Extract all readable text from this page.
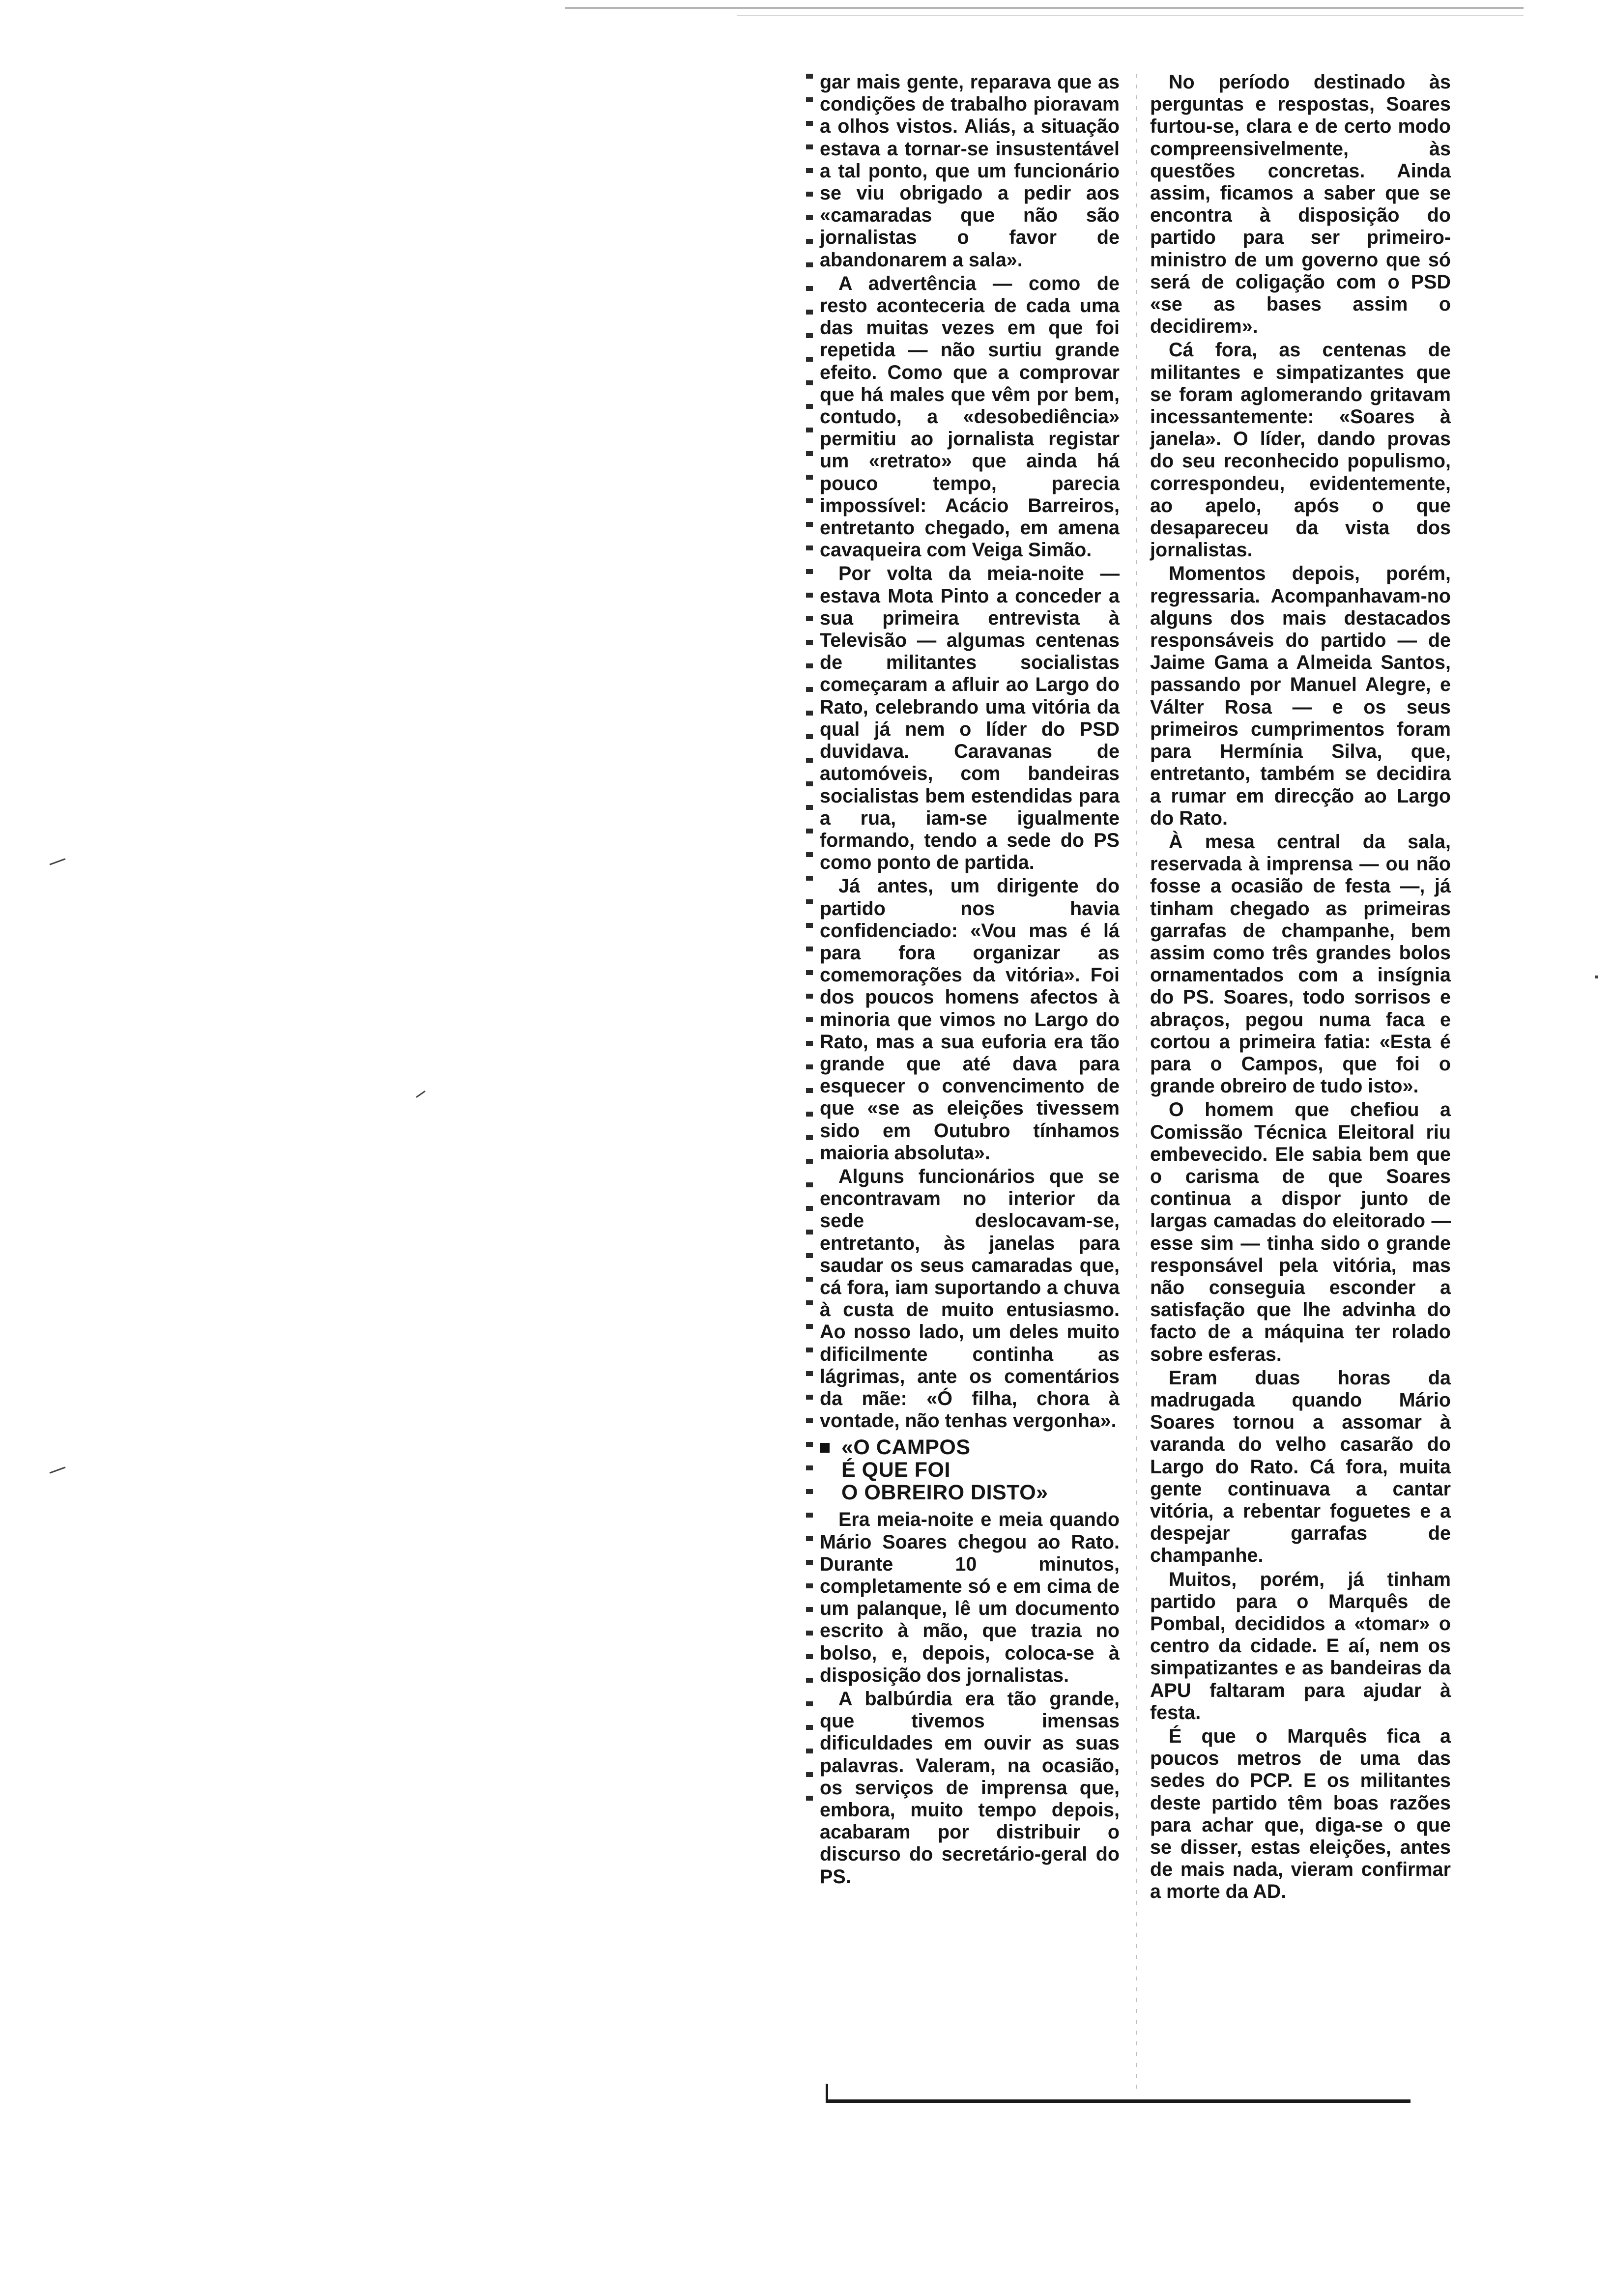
gar mais gente, reparava que as condições de trabalho pioravam a olhos vistos. Aliás, a situação estava a tornar-se insustentável a tal ponto, que um funcionário se viu obrigado a pedir aos «camaradas que não são jornalistas o favor de abandonarem a sala».

A advertência — como de resto aconteceria de cada uma das muitas vezes em que foi repetida — não surtiu grande efeito. Como que a comprovar que há males que vêm por bem, contudo, a «desobediência» permitiu ao jornalista registar um «retrato» que ainda há pouco tempo, parecia impossível: Acácio Barreiros, entretanto chegado, em amena cavaqueira com Veiga Simão.

Por volta da meia-noite — estava Mota Pinto a conceder a sua primeira entrevista à Televisão — algumas centenas de militantes socialistas começaram a afluir ao Largo do Rato, celebrando uma vitória da qual já nem o líder do PSD duvidava. Caravanas de automóveis, com bandeiras socialistas bem estendidas para a rua, iam-se igualmente formando, tendo a sede do PS como ponto de partida.

Já antes, um dirigente do partido nos havia confidenciado: «Vou mas é lá para fora organizar as comemorações da vitória». Foi dos poucos homens afectos à minoria que vimos no Largo do Rato, mas a sua euforia era tão grande que até dava para esquecer o convencimento de que «se as eleições tivessem sido em Outubro tínhamos maioria absoluta».

Alguns funcionários que se encontravam no interior da sede deslocavam-se, entretanto, às janelas para saudar os seus camaradas que, cá fora, iam suportando a chuva à custa de muito entusiasmo. Ao nosso lado, um deles muito dificilmente continha as lágrimas, ante os comentários da mãe: «Ó filha, chora à vontade, não tenhas vergonha».

«O CAMPOS
É QUE FOI
O OBREIRO DISTO»

Era meia-noite e meia quando Mário Soares chegou ao Rato. Durante 10 minutos, completamente só e em cima de um palanque, lê um documento escrito à mão, que trazia no bolso, e, depois, coloca-se à disposição dos jornalistas.

A balbúrdia era tão grande, que tivemos imensas dificuldades em ouvir as suas palavras. Valeram, na ocasião, os serviços de imprensa que, embora, muito tempo depois, acabaram por distribuir o discurso do secretário-geral do PS.

No período destinado às perguntas e respostas, Soares furtou-se, clara e de certo modo compreensivelmente, às questões concretas. Ainda assim, ficamos a saber que se encontra à disposição do partido para ser primeiro-ministro de um governo que só será de coligação com o PSD «se as bases assim o decidirem».

Cá fora, as centenas de militantes e simpatizantes que se foram aglomerando gritavam incessantemente: «Soares à janela». O líder, dando provas do seu reconhecido populismo, correspondeu, evidentemente, ao apelo, após o que desapareceu da vista dos jornalistas.

Momentos depois, porém, regressaria. Acompanhavam-no alguns dos mais destacados responsáveis do partido — de Jaime Gama a Almeida Santos, passando por Manuel Alegre, e Válter Rosa — e os seus primeiros cumprimentos foram para Hermínia Silva, que, entretanto, também se decidira a rumar em direcção ao Largo do Rato.

À mesa central da sala, reservada à imprensa — ou não fosse a ocasião de festa —, já tinham chegado as primeiras garrafas de champanhe, bem assim como três grandes bolos ornamentados com a insígnia do PS. Soares, todo sorrisos e abraços, pegou numa faca e cortou a primeira fatia: «Esta é para o Campos, que foi o grande obreiro de tudo isto».

O homem que chefiou a Comissão Técnica Eleitoral riu embevecido. Ele sabia bem que o carisma de que Soares continua a dispor junto de largas camadas do eleitorado — esse sim — tinha sido o grande responsável pela vitória, mas não conseguia esconder a satisfação que lhe advinha do facto de a máquina ter rolado sobre esferas.

Eram duas horas da madrugada quando Mário Soares tornou a assomar à varanda do velho casarão do Largo do Rato. Cá fora, muita gente continuava a cantar vitória, a rebentar foguetes e a despejar garrafas de champanhe.

Muitos, porém, já tinham partido para o Marquês de Pombal, decididos a «tomar» o centro da cidade. E aí, nem os simpatizantes e as bandeiras da APU faltaram para ajudar à festa.

É que o Marquês fica a poucos metros de uma das sedes do PCP. E os militantes deste partido têm boas razões para achar que, diga-se o que se disser, estas eleições, antes de mais nada, vieram confirmar a morte da AD.
